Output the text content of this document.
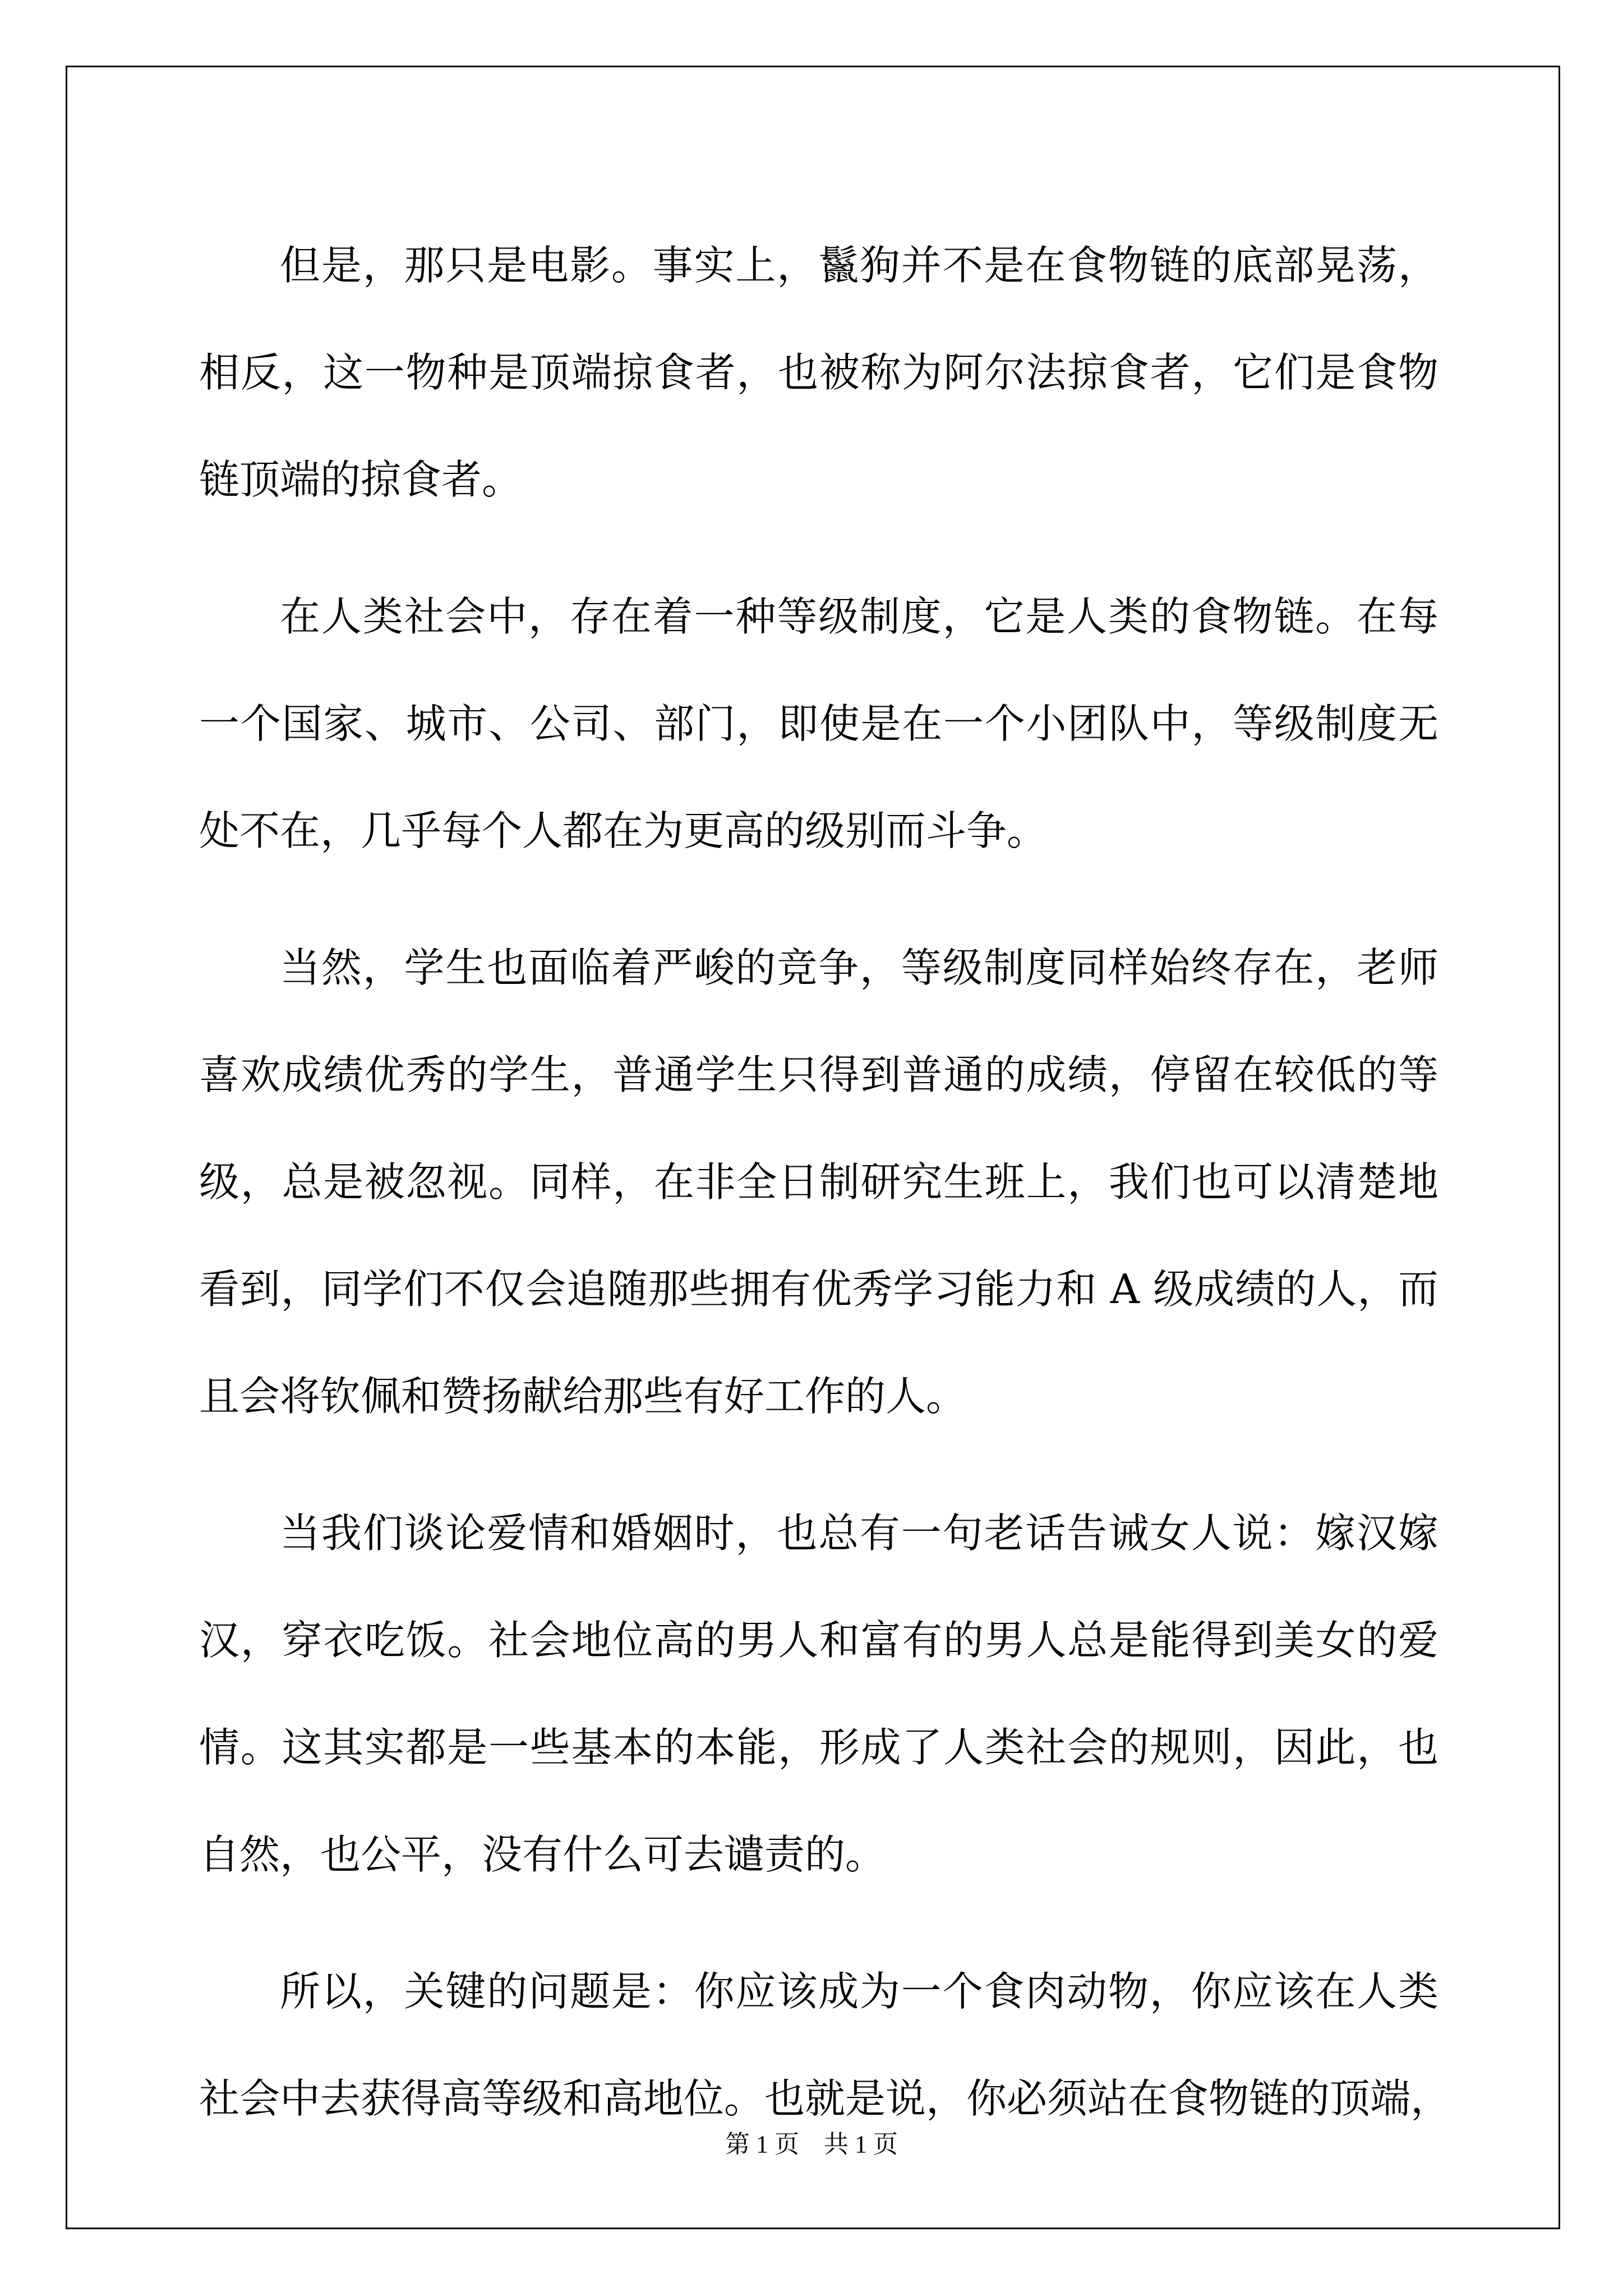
但是，那只是电影。事实上，鬣狗并不是在食物链的底部晃荡，
相反，这一物种是顶端掠食者，也被称为阿尔法掠食者，它们是食物
链顶端的掠食者。
在人类社会中，存在着一种等级制度，它是人类的食物链。在每
一个国家、城市、公司、部门，即使是在一个小团队中，等级制度无
处不在，几乎每个人都在为更高的级别而斗争。
当然，学生也面临着严峻的竞争，等级制度同样始终存在，老师
喜欢成绩优秀的学生，普通学生只得到普通的成绩，停留在较低的等
级，总是被忽视。同样，在非全日制研究生班上，我们也可以清楚地
看到，同学们不仅会追随那些拥有优秀学习能力和 A 级成绩的人，而
且会将钦佩和赞扬献给那些有好工作的人。
当我们谈论爱情和婚姻时，也总有一句老话告诫女人说：嫁汉嫁
汉，穿衣吃饭。社会地位高的男人和富有的男人总是能得到美女的爱
情。这其实都是一些基本的本能，形成了人类社会的规则，因此，也
自然，也公平，没有什么可去谴责的。
所以，关键的问题是：你应该成为一个食肉动物，你应该在人类
社会中去获得高等级和高地位。也就是说，你必须站在食物链的顶端，
第 1 页　共 1 页
